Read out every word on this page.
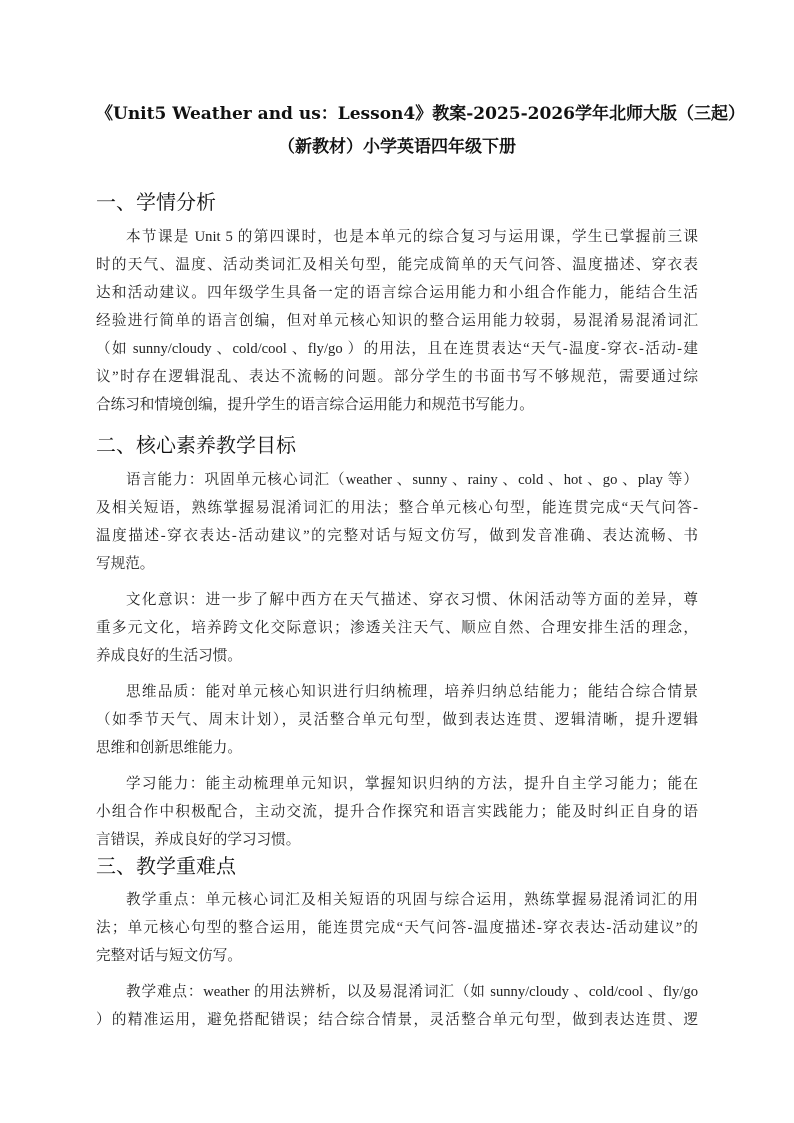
《Unit5 Weather and us：Lesson4》教案-2025-2026学年北师大版（三起）
（新教材）小学英语四年级下册
一、学情分析
本节课是 Unit 5 的第四课时，也是本单元的综合复习与运用课，学生已掌握前三课
时的天气、温度、活动类词汇及相关句型，能完成简单的天气问答、温度描述、穿衣表
达和活动建议。四年级学生具备一定的语言综合运用能力和小组合作能力，能结合生活
经验进行简单的语言创编，但对单元核心知识的整合运用能力较弱，易混淆易混淆词汇
（如 sunny/cloudy 、cold/cool 、fly/go ）的用法，且在连贯表达“天气-温度-穿衣-活动-建
议”时存在逻辑混乱、表达不流畅的问题。部分学生的书面书写不够规范，需要通过综
合练习和情境创编，提升学生的语言综合运用能力和规范书写能力。
二、核心素养教学目标
语言能力：巩固单元核心词汇（weather 、sunny 、rainy 、cold 、hot 、go 、play 等）
及相关短语，熟练掌握易混淆词汇的用法；整合单元核心句型，能连贯完成“天气问答-
温度描述-穿衣表达-活动建议”的完整对话与短文仿写，做到发音准确、表达流畅、书
写规范。
文化意识：进一步了解中西方在天气描述、穿衣习惯、休闲活动等方面的差异，尊
重多元文化，培养跨文化交际意识；渗透关注天气、顺应自然、合理安排生活的理念，
养成良好的生活习惯。
思维品质：能对单元核心知识进行归纳梳理，培养归纳总结能力；能结合综合情景
（如季节天气、周末计划），灵活整合单元句型，做到表达连贯、逻辑清晰，提升逻辑
思维和创新思维能力。
学习能力：能主动梳理单元知识，掌握知识归纳的方法，提升自主学习能力；能在
小组合作中积极配合，主动交流，提升合作探究和语言实践能力；能及时纠正自身的语
言错误，养成良好的学习习惯。
三、教学重难点
教学重点：单元核心词汇及相关短语的巩固与综合运用，熟练掌握易混淆词汇的用
法；单元核心句型的整合运用，能连贯完成“天气问答-温度描述-穿衣表达-活动建议”的
完整对话与短文仿写。
教学难点：weather 的用法辨析，以及易混淆词汇（如 sunny/cloudy 、cold/cool 、fly/go
）的精准运用，避免搭配错误；结合综合情景，灵活整合单元句型，做到表达连贯、逻
